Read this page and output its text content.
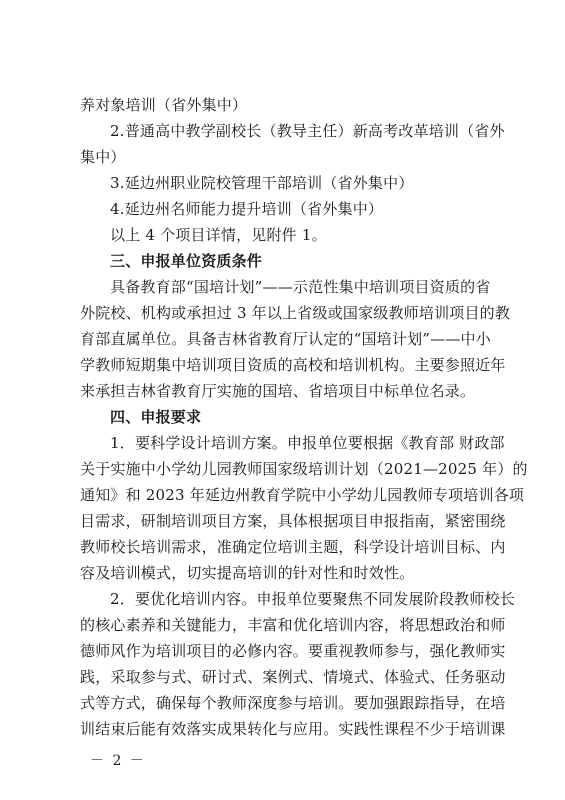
养对象培训（省外集中）
2.普通高中教学副校长（教导主任）新高考改革培训（省外
集中）
3.延边州职业院校管理干部培训（省外集中）
4.延边州名师能力提升培训（省外集中）
以上 4 个项目详情，见附件 1。
三、申报单位资质条件
具备教育部“国培计划”——示范性集中培训项目资质的省
外院校、机构或承担过 3 年以上省级或国家级教师培训项目的教
育部直属单位。具备吉林省教育厅认定的“国培计划”——中小
学教师短期集中培训项目资质的高校和培训机构。主要参照近年
来承担吉林省教育厅实施的国培、省培项目中标单位名录。
四、申报要求
1．要科学设计培训方案。申报单位要根据《教育部 财政部
关于实施中小学幼儿园教师国家级培训计划（2021—2025 年）的
通知》和 2023 年延边州教育学院中小学幼儿园教师专项培训各项
目需求，研制培训项目方案，具体根据项目申报指南，紧密围绕
教师校长培训需求，准确定位培训主题，科学设计培训目标、内
容及培训模式，切实提高培训的针对性和时效性。
2．要优化培训内容。申报单位要聚焦不同发展阶段教师校长
的核心素养和关键能力，丰富和优化培训内容，将思想政治和师
德师风作为培训项目的必修内容。要重视教师参与，强化教师实
践，采取参与式、研讨式、案例式、情境式、体验式、任务驱动
式等方式，确保每个教师深度参与培训。要加强跟踪指导，在培
训结束后能有效落实成果转化与应用。实践性课程不少于培训课
－ 2 －
